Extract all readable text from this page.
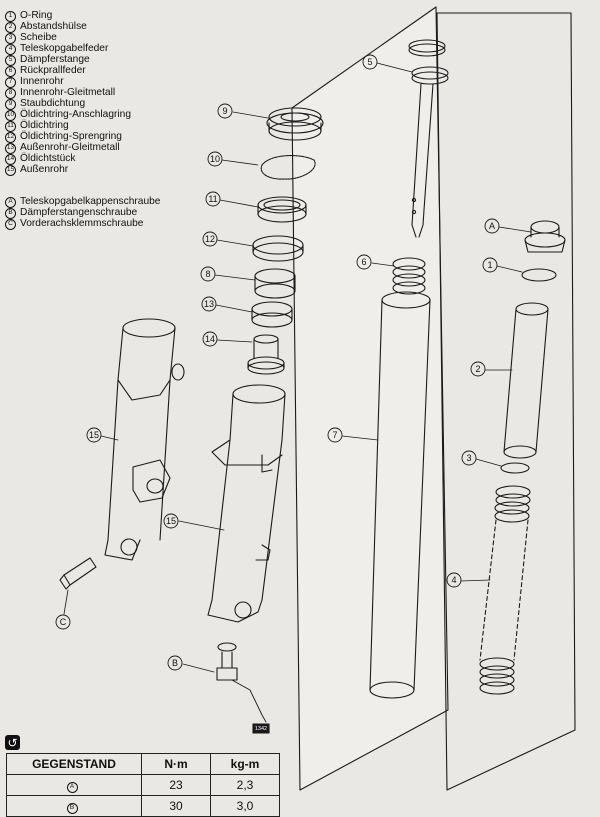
1 O-Ring
2 Abstandshülse
3 Scheibe
4 Teleskopgabelfeder
5 Dämpferstange
6 Rückprallfeder
7 Innenrohr
8 Innenrohr-Gleitmetall
9 Staubdichtung
10 Öldichtring-Anschlagring
11 Öldichtring
12 Öldichtring-Sprengring
13 Außenrohr-Gleitmetall
14 Öldichtstück
15 Außenrohr
A Teleskopgabelkappenschraube
B Dämpferstangenschraube
C Vorderachsklemmschraube
1342
9
10
11
12
8
13
14
15
15
5
6
7
A
1
2
3
4
B
C
↺
GEGENSTAND	N·m	kg-m
A	23	2,3
B	30	3,0
